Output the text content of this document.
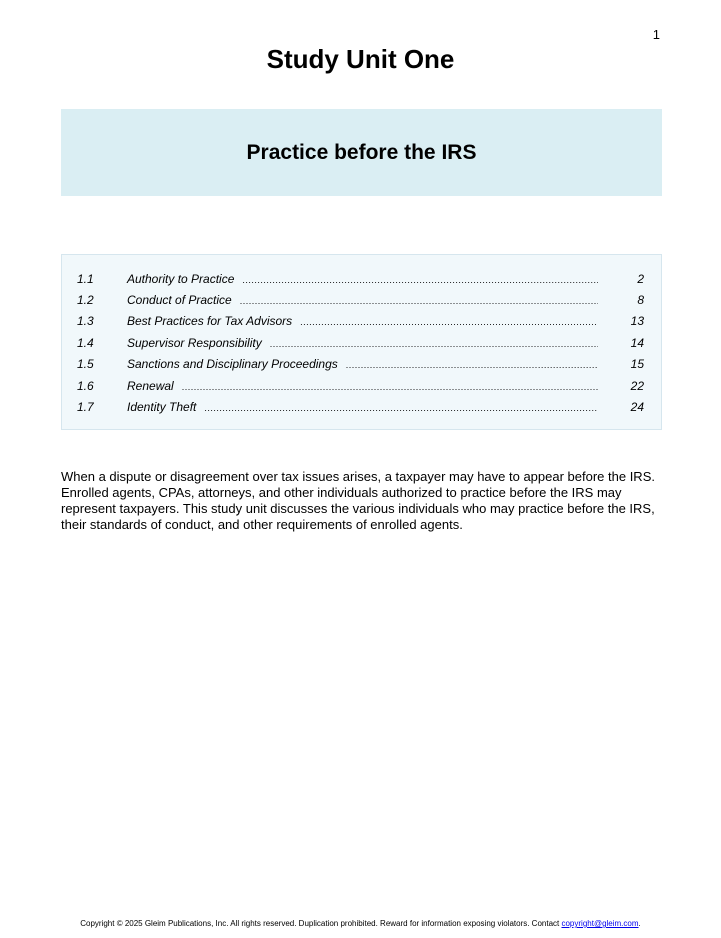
1
Study Unit One
Practice before the IRS
1.1	Authority to Practice .....	2
1.2	Conduct of Practice .....	8
1.3	Best Practices for Tax Advisors .....	13
1.4	Supervisor Responsibility .....	14
1.5	Sanctions and Disciplinary Proceedings .....	15
1.6	Renewal .....	22
1.7	Identity Theft .....	24

When a dispute or disagreement over tax issues arises, a taxpayer may have to appear before the IRS. Enrolled agents, CPAs, attorneys, and other individuals authorized to practice before the IRS may represent taxpayers. This study unit discusses the various individuals who may practice before the IRS, their standards of conduct, and other requirements of enrolled agents.

Copyright © 2025 Gleim Publications, Inc. All rights reserved. Duplication prohibited. Reward for information exposing violators. Contact copyright@gleim.com.
